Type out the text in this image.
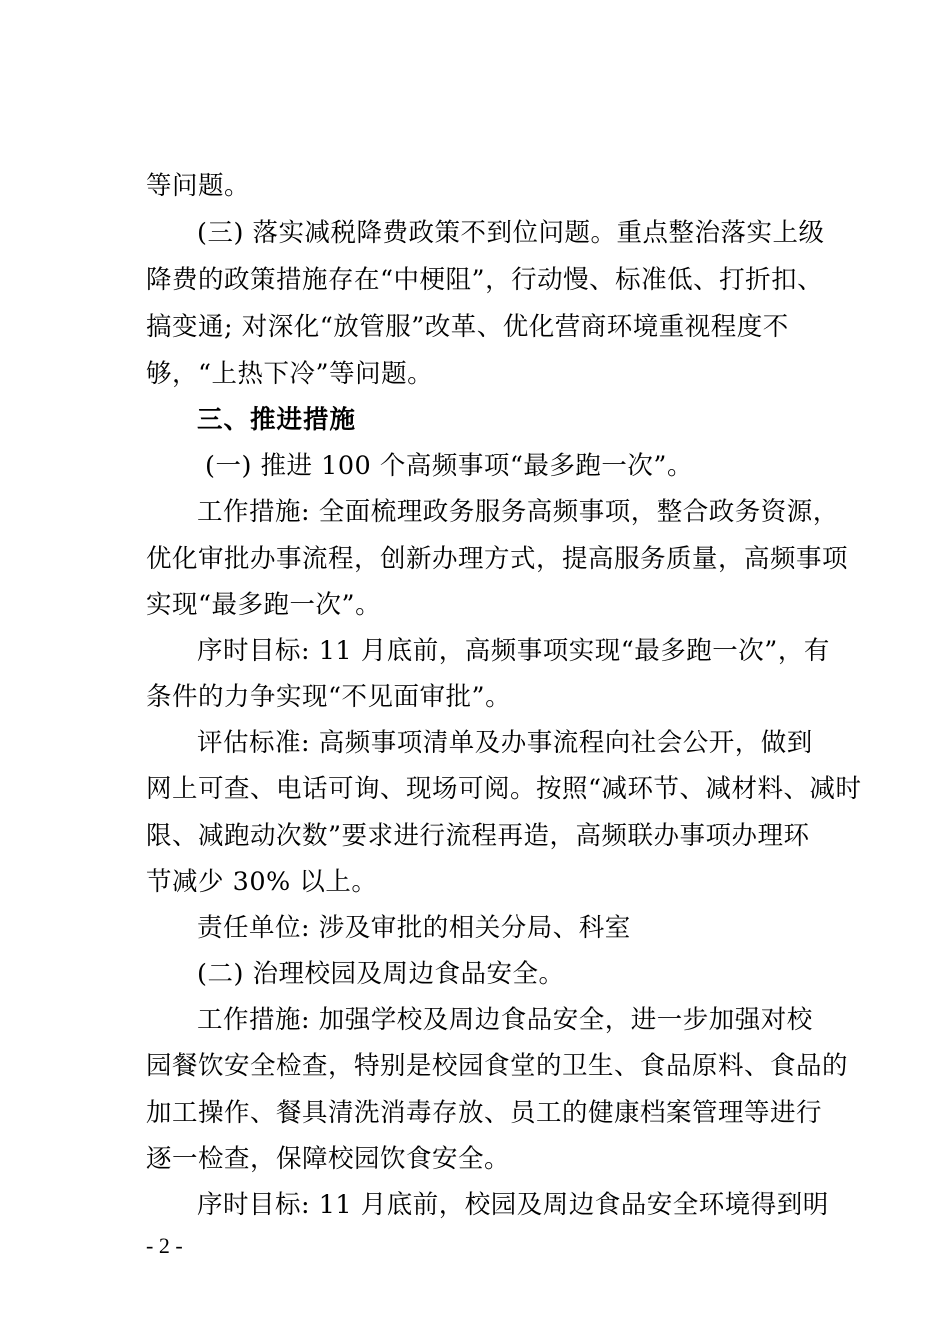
等问题。
(三) 落实减税降费政策不到位问题。重点整治落实上级
降费的政策措施存在“中梗阻”，行动慢、标准低、打折扣、
搞变通; 对深化“放管服”改革、优化营商环境重视程度不
够，“上热下冷”等问题。
三、推进措施
(一) 推进 100 个高频事项“最多跑一次”。
工作措施: 全面梳理政务服务高频事项，整合政务资源，
优化审批办事流程，创新办理方式，提高服务质量，高频事项
实现“最多跑一次”。
序时目标: 11 月底前，高频事项实现“最多跑一次”，有
条件的力争实现“不见面审批”。
评估标准: 高频事项清单及办事流程向社会公开，做到
网上可查、电话可询、现场可阅。按照“减环节、减材料、减时
限、减跑动次数”要求进行流程再造，高频联办事项办理环
节减少 30% 以上。
责任单位: 涉及审批的相关分局、科室
(二) 治理校园及周边食品安全。
工作措施: 加强学校及周边食品安全，进一步加强对校
园餐饮安全检查，特别是校园食堂的卫生、食品原料、食品的
加工操作、餐具清洗消毒存放、员工的健康档案管理等进行
逐一检查，保障校园饮食安全。
序时目标: 11 月底前，校园及周边食品安全环境得到明
- 2 -
